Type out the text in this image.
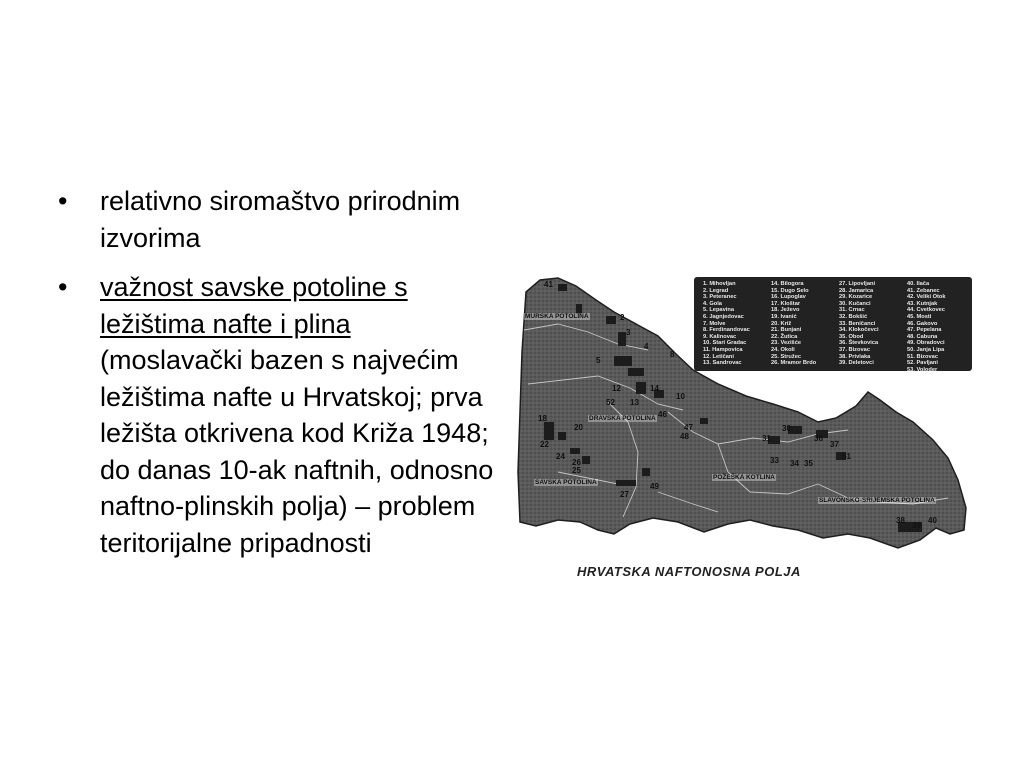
• relativno siromaštvo prirodnim izvorima
• važnost savske potoline s ležištima nafte i plina (moslavački bazen s najvećim ležištima nafte u Hrvatskoj; prva ležišta otkrivena kod Križa 1948; do danas 10-ak naftnih, odnosno naftno-plinskih polja) – problem teritorijalne pripadnosti
1. Mihovljan
2. Legrad
3. Peteranec
4. Gola
5. Lepavina
6. Jagnjedovac
7. Molve
8. Ferdinandovac
9. Kalinovac
10. Stari Gradac
11. Hampovica
12. Letičani
13. Sandrovac
14. Bilogora
15. Dugo Selo
16. Lupoglav
17. Kloštar
18. Ježevo
19. Ivanić
20. Križ
21. Bunjani
22. Žutica
23. Vezišće
24. Okoli
25. Stružec
26. Mramor Brdo
27. Lipovljani
28. Jamarica
29. Kozarice
30. Kučanci
31. Crnac
32. Bokšić
33. Beničanci
34. Klokočevci
35. Obod
36. Števkovica
37. Bizovac
38. Privlaka
39. Deletovci
40. Ilača
41. Zebanec
42. Veliki Otok
43. Kutnjak
44. Cvetkovec
45. Mosti
46. Gakovo
47. Pepelana
48. Cabuna
49. Obradovci
50. Janja Lipa
51. Bizovac
52. Pavljani
53. Voloder
MURSKA POTOLINA
DRAVSKA POTOLINA
SAVSKA POTOLINA
POŽEŠKA KOTLINA
SLAVONSKO-SRIJEMSKA POTOLINA
41
2
3
4
5
12
13
14
52
10
46
47
48
18
20
22
24
26
25
27
49
31
30
33 34 35
36
37
51
38
39
40
8
HRVATSKA NAFTONOSNA POLJA
